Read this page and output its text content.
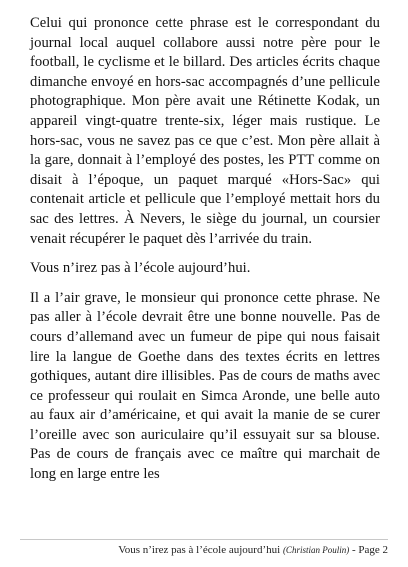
Celui qui prononce cette phrase est le correspondant du journal local auquel collabore aussi notre père pour le football, le cyclisme et le billard. Des articles écrits chaque dimanche envoyé en hors-sac accompagnés d’une pellicule photographique. Mon père avait une Rétinette Kodak, un appareil vingt-quatre trente-six, léger mais rustique. Le hors-sac, vous ne savez pas ce que c’est. Mon père allait à la gare, donnait à l’employé des postes, les PTT comme on disait à l’époque, un paquet marqué «Hors-Sac» qui contenait article et pellicule que l’employé mettait hors du sac des lettres. À Nevers, le siège du journal, un coursier venait récupérer le paquet dès l’arrivée du train.

Vous n’irez pas à l’école aujourd’hui.

Il a l’air grave, le monsieur qui prononce cette phrase. Ne pas aller à l’école devrait être une bonne nouvelle. Pas de cours d’allemand avec un fumeur de pipe qui nous faisait lire la langue de Goethe dans des textes écrits en lettres gothiques, autant dire illisibles. Pas de cours de maths avec ce professeur qui roulait en Simca Aronde, une belle auto au faux air d’américaine, et qui avait la manie de se curer l’oreille avec son auriculaire qu’il essuyait sur sa blouse. Pas de cours de français avec ce maître qui marchait de long en large entre les

Vous n’irez pas à l’école aujourd’hui (Christian Poulin) - Page 2
